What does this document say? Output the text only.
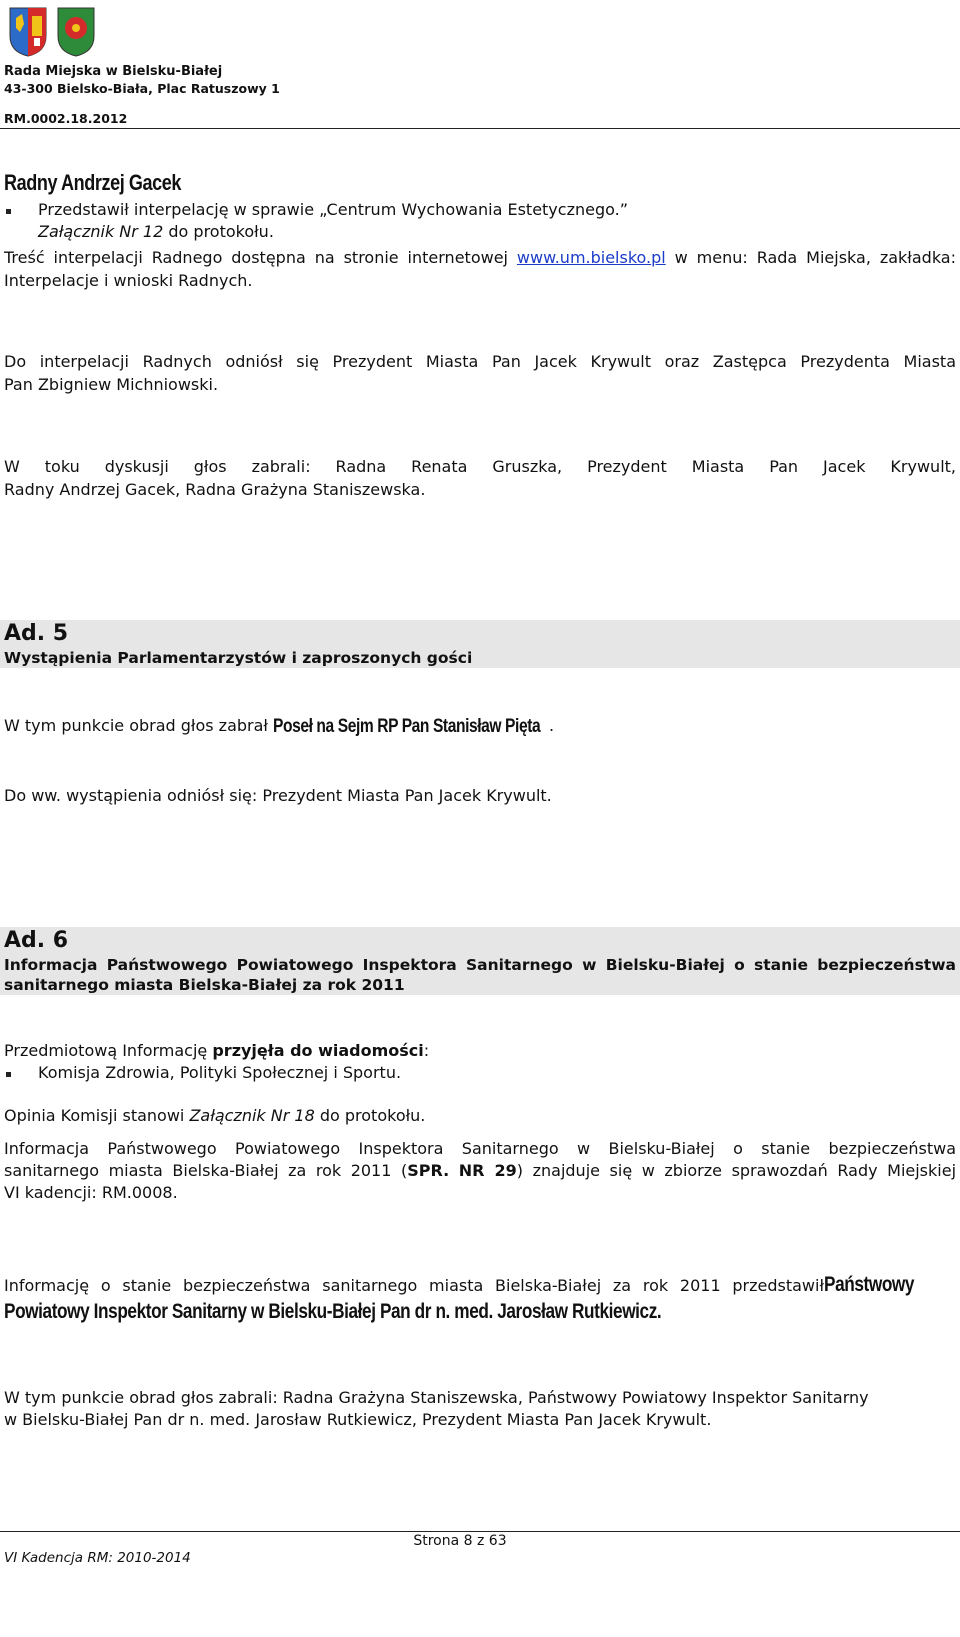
Rada Miejska w Bielsku-Białej
43-300 Bielsko-Biała, Plac Ratuszowy 1
RM.0002.18.2012
Radny Andrzej Gacek
Przedstawił interpelację w sprawie „Centrum Wychowania Estetycznego.”
Załącznik Nr 12 do protokołu.
Treść interpelacji Radnego dostępna na stronie internetowej www.um.bielsko.pl w menu: Rada Miejska, zakładka:
Interpelacje i wnioski Radnych.
Do interpelacji Radnych odniósł się Prezydent Miasta Pan Jacek Krywult oraz Zastępca Prezydenta Miasta
Pan Zbigniew Michniowski.
W toku dyskusji głos zabrali: Radna Renata Gruszka, Prezydent Miasta Pan Jacek Krywult,
Radny Andrzej Gacek, Radna Grażyna Staniszewska.
Ad. 5
Wystąpienia Parlamentarzystów i zaproszonych gości
W tym punkcie obrad głos zabrał Poseł na Sejm RP Pan Stanisław Pięta .
Do ww. wystąpienia odniósł się: Prezydent Miasta Pan Jacek Krywult.
Ad. 6
Informacja Państwowego Powiatowego Inspektora Sanitarnego w Bielsku-Białej o stanie bezpieczeństwa
sanitarnego miasta Bielska-Białej za rok 2011
Przedmiotową Informację przyjęła do wiadomości:
Komisja Zdrowia, Polityki Społecznej i Sportu.
Opinia Komisji stanowi Załącznik Nr 18 do protokołu.
Informacja Państwowego Powiatowego Inspektora Sanitarnego w Bielsku-Białej o stanie bezpieczeństwa
sanitarnego miasta Bielska-Białej za rok 2011 (SPR. NR 29) znajduje się w zbiorze sprawozdań Rady Miejskiej
VI kadencji: RM.0008.
Informację o stanie bezpieczeństwa sanitarnego miasta Bielska-Białej za rok 2011 przedstawił Państwowy
Powiatowy Inspektor Sanitarny w Bielsku-Białej Pan dr n. med. Jarosław Rutkiewicz.
W tym punkcie obrad głos zabrali: Radna Grażyna Staniszewska, Państwowy Powiatowy Inspektor Sanitarny
w Bielsku-Białej Pan dr n. med. Jarosław Rutkiewicz, Prezydent Miasta Pan Jacek Krywult.
Strona 8 z 63
VI Kadencja RM: 2010-2014
